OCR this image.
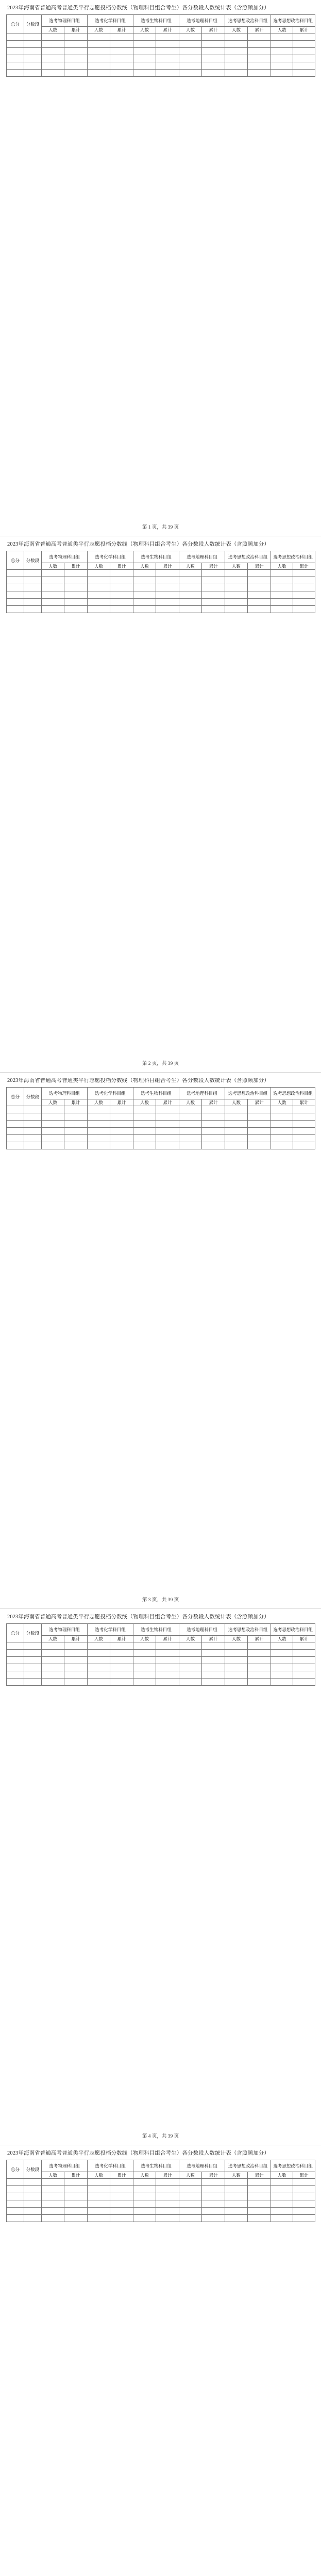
2023年海南省普通高考普通类平行志愿投档分数线（物理科目组合考生）各分数段人数统计表（含照顾加分）
总分	分数段	选考物理科目组		选考化学科目组		选考生物科目组		选考地理科目组		选考思想政治科目组		选考思想政治科目组	
		人数	累计	人数	累计	人数	累计	人数	累计	人数	累计	人数	累计

第 1 页，共 39 页
2023年海南省普通高考普通类平行志愿投档分数线（物理科目组合考生）各分数段人数统计表（含照顾加分）
总分	分数段	选考物理科目组		选考化学科目组		选考生物科目组		选考地理科目组		选考思想政治科目组		选考思想政治科目组	
		人数	累计	人数	累计	人数	累计	人数	累计	人数	累计	人数	累计

第 2 页，共 39 页
2023年海南省普通高考普通类平行志愿投档分数线（物理科目组合考生）各分数段人数统计表（含照顾加分）
总分	分数段	选考物理科目组		选考化学科目组		选考生物科目组		选考地理科目组		选考思想政治科目组		选考思想政治科目组	
		人数	累计	人数	累计	人数	累计	人数	累计	人数	累计	人数	累计

第 3 页，共 39 页
2023年海南省普通高考普通类平行志愿投档分数线（物理科目组合考生）各分数段人数统计表（含照顾加分）
总分	分数段	选考物理科目组		选考化学科目组		选考生物科目组		选考地理科目组		选考思想政治科目组		选考思想政治科目组	
		人数	累计	人数	累计	人数	累计	人数	累计	人数	累计	人数	累计

第 4 页，共 39 页
2023年海南省普通高考普通类平行志愿投档分数线（物理科目组合考生）各分数段人数统计表（含照顾加分）
总分	分数段	选考物理科目组		选考化学科目组		选考生物科目组		选考地理科目组		选考思想政治科目组		选考思想政治科目组	
		人数	累计	人数	累计	人数	累计	人数	累计	人数	累计	人数	累计
